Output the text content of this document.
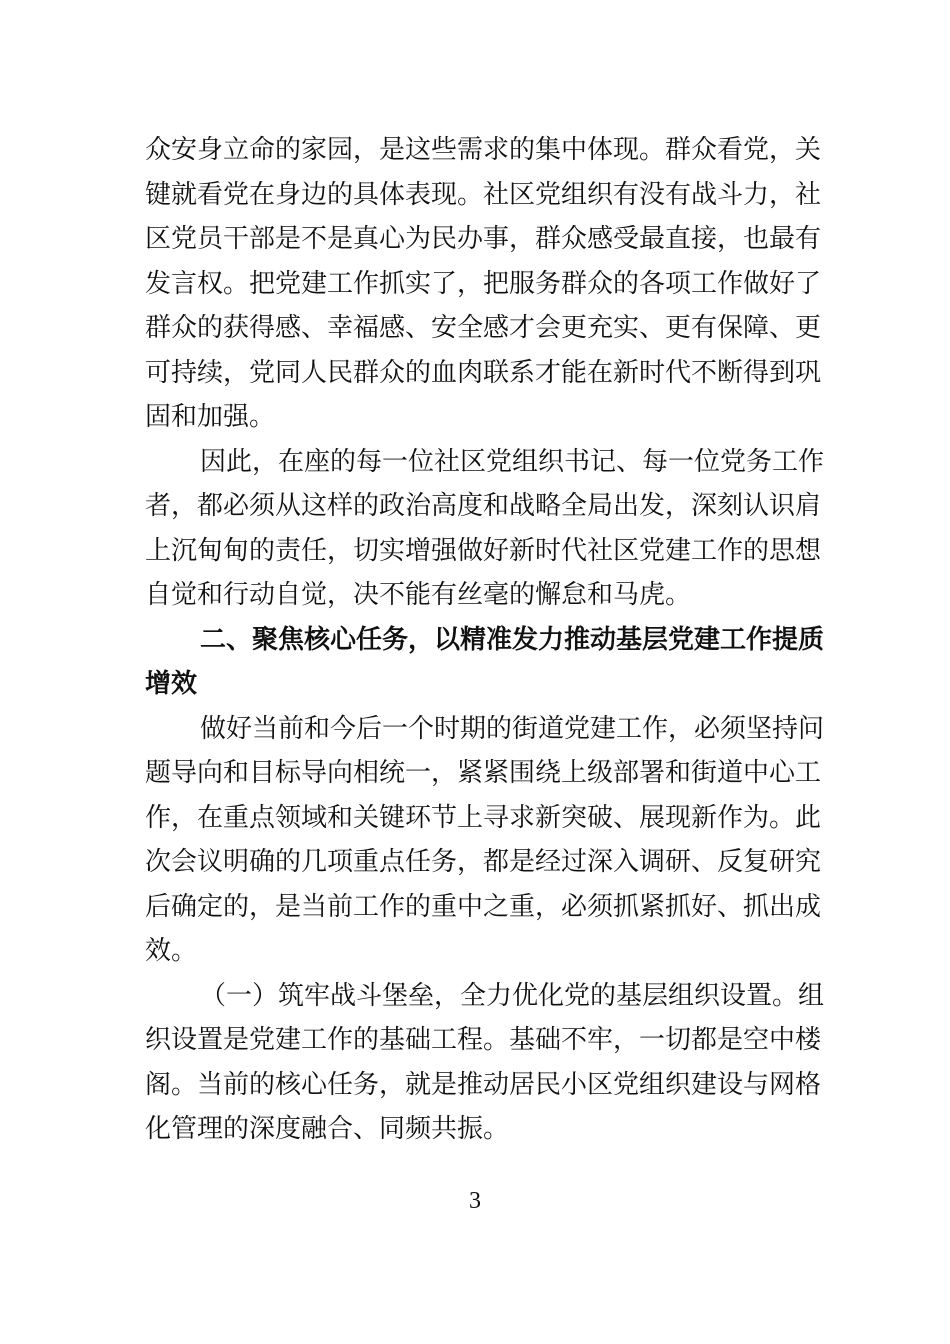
众安身立命的家园，是这些需求的集中体现。群众看党，关
键就看党在身边的具体表现。社区党组织有没有战斗力，社
区党员干部是不是真心为民办事，群众感受最直接，也最有
发言权。把党建工作抓实了，把服务群众的各项工作做好了
群众的获得感、幸福感、安全感才会更充实、更有保障、更
可持续，党同人民群众的血肉联系才能在新时代不断得到巩
固和加强。
因此，在座的每一位社区党组织书记、每一位党务工作
者，都必须从这样的政治高度和战略全局出发，深刻认识肩
上沉甸甸的责任，切实增强做好新时代社区党建工作的思想
自觉和行动自觉，决不能有丝毫的懈怠和马虎。
二、聚焦核心任务，以精准发力推动基层党建工作提质
增效
做好当前和今后一个时期的街道党建工作，必须坚持问
题导向和目标导向相统一，紧紧围绕上级部署和街道中心工
作，在重点领域和关键环节上寻求新突破、展现新作为。此
次会议明确的几项重点任务，都是经过深入调研、反复研究
后确定的，是当前工作的重中之重，必须抓紧抓好、抓出成
效。
（一）筑牢战斗堡垒，全力优化党的基层组织设置。组
织设置是党建工作的基础工程。基础不牢，一切都是空中楼
阁。当前的核心任务，就是推动居民小区党组织建设与网格
化管理的深度融合、同频共振。
3
